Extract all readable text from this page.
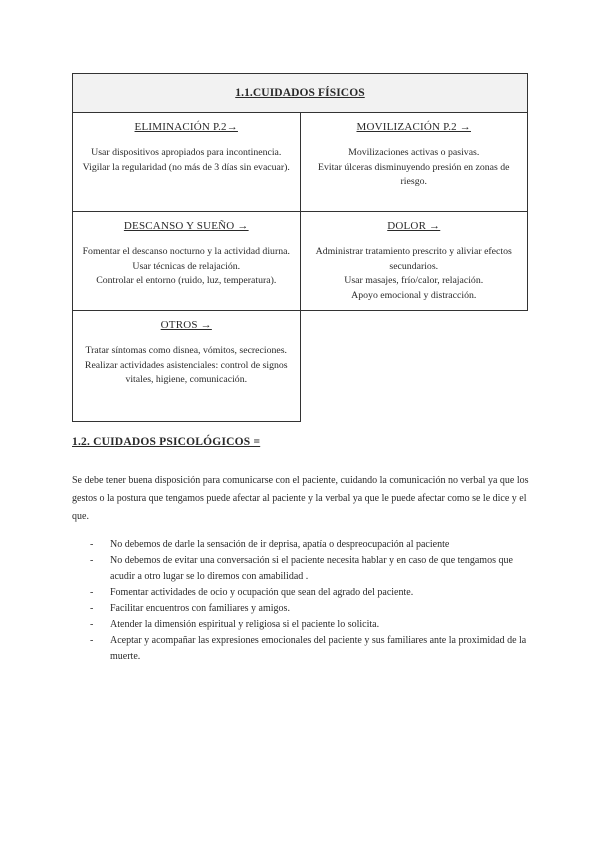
1.1.CUIDADOS FÍSICOS	

ELIMINACIÓN P.2→
Usar dispositivos apropiados para incontinencia.
Vigilar la regularidad (no más de 3 días sin evacuar).	MOVILIZACIÓN P.2 →
Movilizaciones activas o pasivas.
Evitar úlceras disminuyendo presión en zonas de riesgo.

DESCANSO Y SUEÑO →
Fomentar el descanso nocturno y la actividad diurna.
Usar técnicas de relajación.
Controlar el entorno (ruido, luz, temperatura).	DOLOR →
Administrar tratamiento prescrito y aliviar efectos secundarios.
Usar masajes, frío/calor, relajación.
Apoyo emocional y distracción.

OTROS →
Tratar síntomas como disnea, vómitos, secreciones.
Realizar actividades asistenciales: control de signos vitales, higiene, comunicación.	

1.2. CUIDADOS PSICOLÓGICOS =

Se debe tener buena disposición para comunicarse con el paciente, cuidando la comunicación no verbal ya que los gestos o la postura que tengamos puede afectar al paciente y la verbal ya que le puede afectar como se le dice y el que.

- No debemos de darle la sensación de ir deprisa, apatía o despreocupación al paciente
- No debemos de evitar una conversación si el paciente necesita hablar y en caso de que tengamos que acudir a otro lugar se lo diremos con amabilidad .
- Fomentar actividades de ocio y ocupación que sean del agrado del paciente.
- Facilitar encuentros con familiares y amigos.
- Atender la dimensión espiritual y religiosa si el paciente lo solicita.
- Aceptar y acompañar las expresiones emocionales del paciente y sus familiares ante la proximidad de la muerte.
